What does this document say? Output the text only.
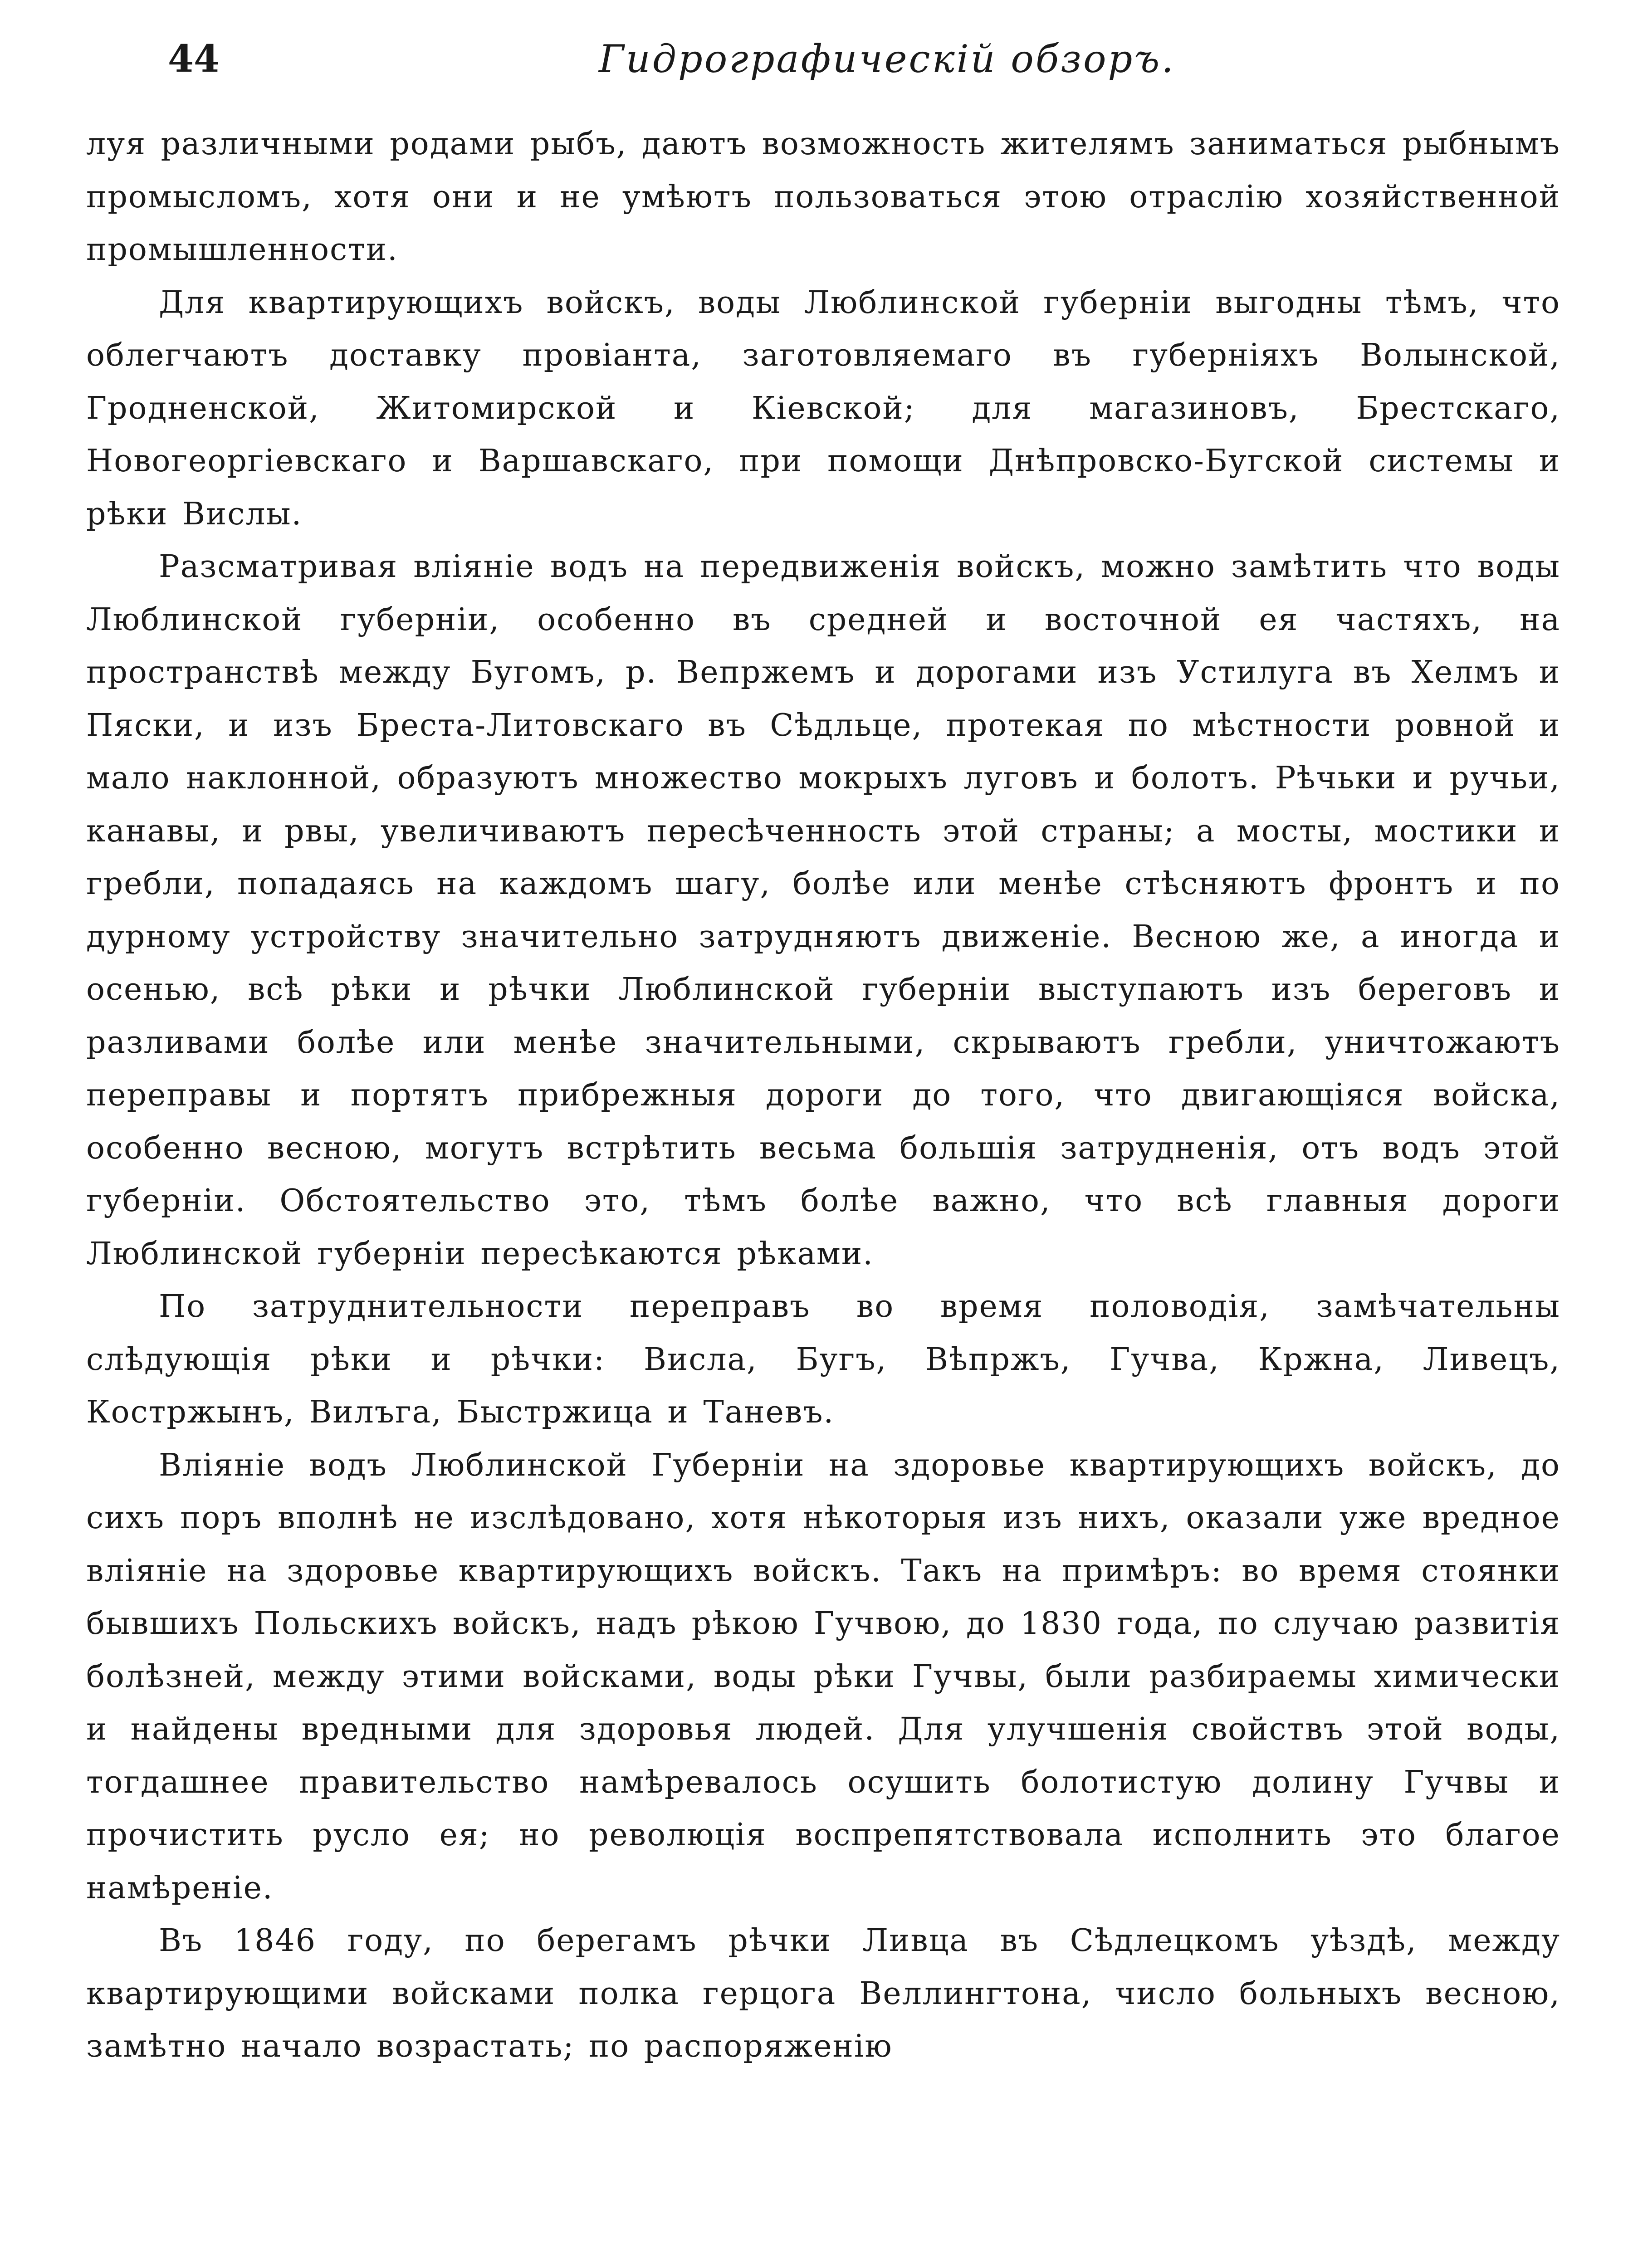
44	Гидрографическій обзоръ.

луя различными родами рыбъ, даютъ возможность жителямъ заниматься рыбнымъ промысломъ, хотя они и не умѣютъ пользоваться этою отраслію хозяйственной промышленности.

Для квартирующихъ войскъ, воды Люблинской губерніи выгодны тѣмъ, что облегчаютъ доставку провіанта, заготовляемаго въ губерніяхъ Волынской, Гродненской, Житомирской и Кіевской; для магазиновъ, Брестскаго, Новогеоргіевскаго и Варшавскаго, при помощи Днѣпровско-Бугской системы и рѣки Вислы.

Разсматривая вліяніе водъ на передвиженія войскъ, можно замѣтить что воды Люблинской губерніи, особенно въ средней и восточной ея частяхъ, на пространствѣ между Бугомъ, р. Вепржемъ и дорогами изъ Устилуга въ Хелмъ и Пяски, и изъ Бреста-Литовскаго въ Сѣдльце, протекая по мѣстности ровной и мало наклонной, образуютъ множество мокрыхъ луговъ и болотъ. Рѣчьки и ручьи, канавы, и рвы, увеличиваютъ пересѣченность этой страны; а мосты, мостики и гребли, попадаясь на каждомъ шагу, болѣе или менѣе стѣсняютъ фронтъ и по дурному устройству значительно затрудняютъ движеніе. Весною же, а иногда и осенью, всѣ рѣки и рѣчки Люблинской губерніи выступаютъ изъ береговъ и разливами болѣе или менѣе значительными, скрываютъ гребли, уничтожаютъ переправы и портятъ прибрежныя дороги до того, что двигающіяся войска, особенно весною, могутъ встрѣтить весьма большія затрудненія, отъ водъ этой губерніи. Обстоятельство это, тѣмъ болѣе важно, что всѣ главныя дороги Люблинской губерніи пересѣкаются рѣками.

По затруднительности переправъ во время половодія, замѣчательны слѣдующія рѣки и рѣчки: Висла, Бугъ, Вѣпржъ, Гучва, Кржна, Ливецъ, Костржынъ, Вилъга, Быстржица и Таневъ.

Вліяніе водъ Люблинской Губерніи на здоровье квартирующихъ войскъ, до сихъ поръ вполнѣ не изслѣдовано, хотя нѣкоторыя изъ нихъ, оказали уже вредное вліяніе на здоровье квартирующихъ войскъ. Такъ на примѣръ: во время стоянки бывшихъ Польскихъ войскъ, надъ рѣкою Гучвою, до 1830 года, по случаю развитія болѣзней, между этими войсками, воды рѣки Гучвы, были разбираемы химически и найдены вредными для здоровья людей. Для улучшенія свойствъ этой воды, тогдашнее правительство намѣревалось осушить болотистую долину Гучвы и прочистить русло ея; но революція воспрепятствовала исполнить это благое намѣреніе.

Въ 1846 году, по берегамъ рѣчки Ливца въ Сѣдлецкомъ уѣздѣ, между квартирующими войсками полка герцога Веллингтона, число больныхъ весною, замѣтно начало возрастать; по распоряженію
